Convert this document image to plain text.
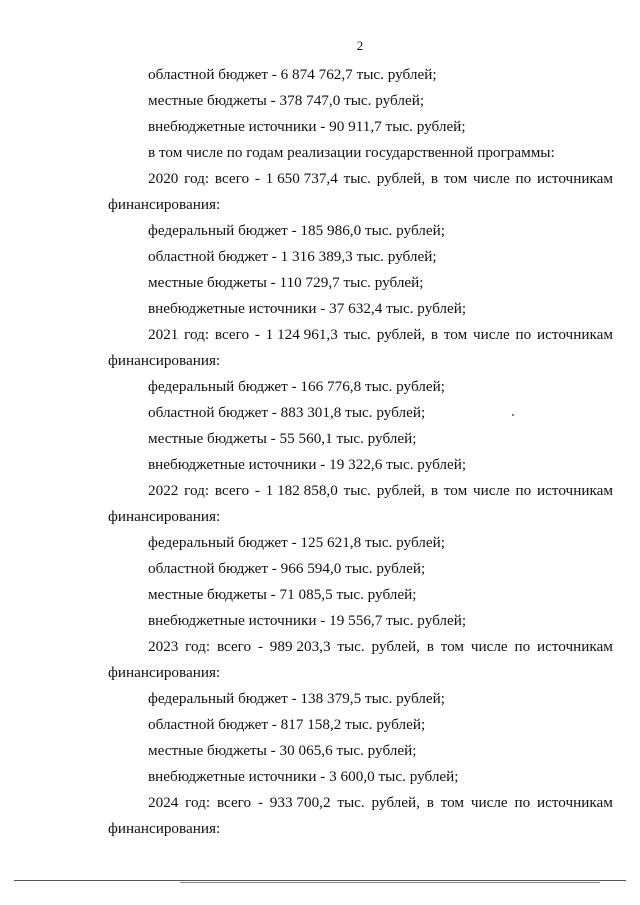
2
областной бюджет - 6 874 762,7 тыс. рублей;
местные бюджеты - 378 747,0 тыс. рублей;
внебюджетные источники - 90 911,7 тыс. рублей;
в том числе по годам реализации государственной программы:
2020 год: всего - 1 650 737,4 тыс. рублей, в том числе по источникам
финансирования:
федеральный бюджет - 185 986,0 тыс. рублей;
областной бюджет - 1 316 389,3 тыс. рублей;
местные бюджеты - 110 729,7 тыс. рублей;
внебюджетные источники - 37 632,4 тыс. рублей;
2021 год: всего - 1 124 961,3 тыс. рублей, в том числе по источникам
финансирования:
федеральный бюджет - 166 776,8 тыс. рублей;
областной бюджет - 883 301,8 тыс. рублей;
местные бюджеты - 55 560,1 тыс. рублей;
внебюджетные источники - 19 322,6 тыс. рублей;
2022 год: всего - 1 182 858,0 тыс. рублей, в том числе по источникам
финансирования:
федеральный бюджет - 125 621,8 тыс. рублей;
областной бюджет - 966 594,0 тыс. рублей;
местные бюджеты - 71 085,5 тыс. рублей;
внебюджетные источники - 19 556,7 тыс. рублей;
2023 год: всего - 989 203,3 тыс. рублей, в том числе по источникам
финансирования:
федеральный бюджет - 138 379,5 тыс. рублей;
областной бюджет - 817 158,2 тыс. рублей;
местные бюджеты - 30 065,6 тыс. рублей;
внебюджетные источники - 3 600,0 тыс. рублей;
2024 год: всего - 933 700,2 тыс. рублей, в том числе по источникам
финансирования:
